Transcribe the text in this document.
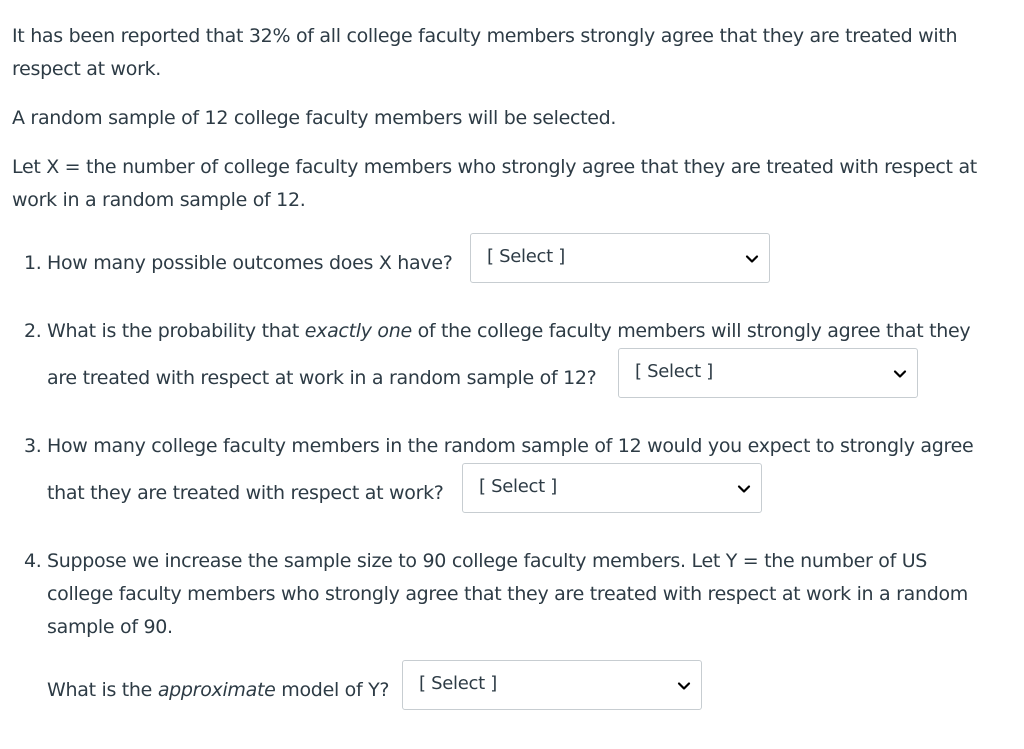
It has been reported that 32% of all college faculty members strongly agree that they are treated with respect at work.

A random sample of 12 college faculty members will be selected.

Let X = the number of college faculty members who strongly agree that they are treated with respect at work in a random sample of 12.

1. How many possible outcomes does X have? [ Select ]
2. What is the probability that exactly one of the college faculty members will strongly agree that they
are treated with respect at work in a random sample of 12? [ Select ]
3. How many college faculty members in the random sample of 12 would you expect to strongly agree
that they are treated with respect at work? [ Select ]
4. Suppose we increase the sample size to 90 college faculty members. Let Y = the number of US
college faculty members who strongly agree that they are treated with respect at work in a random
sample of 90.
What is the approximate model of Y? [ Select ]
